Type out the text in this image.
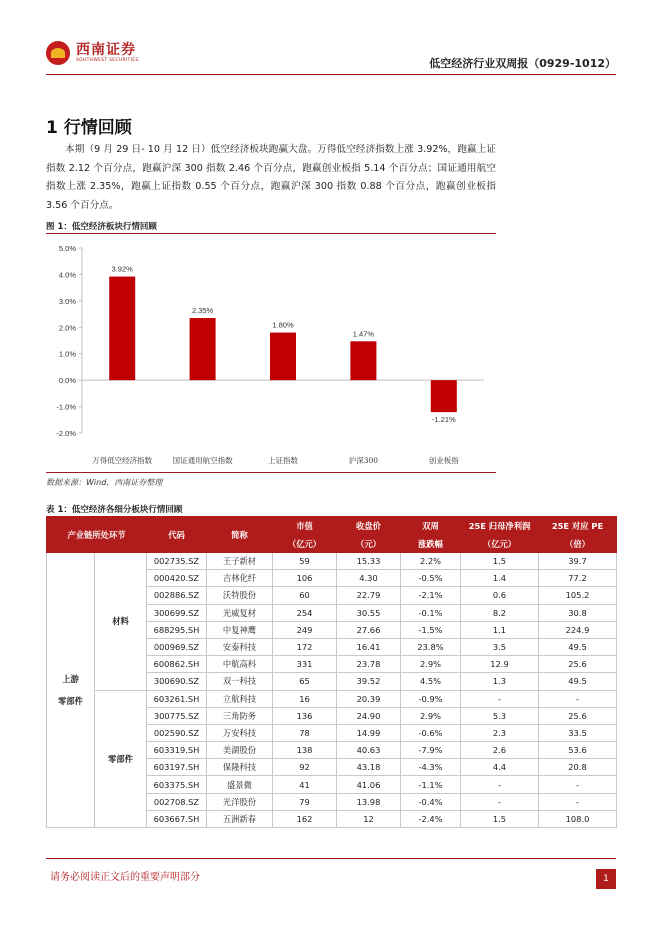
西南证券
SOUTHWEST SECURITIES	低空经济行业双周报（0929-1012）
1 行情回顾
本期（9 月 29 日- 10 月 12 日）低空经济板块跑赢大盘。万得低空经济指数上涨 3.92%，跑赢上证指数 2.12 个百分点，跑赢沪深 300 指数 2.46 个百分点，跑赢创业板指 5.14 个百分点；国证通用航空指数上涨 2.35%，跑赢上证指数 0.55 个百分点，跑赢沪深 300 指数 0.88 个百分点，跑赢创业板指 3.56 个百分点。
图 1：低空经济板块行情回顾
5.0%
4.0%
3.0%
2.0%
1.0%
0.0%
-1.0%
-2.0%
3.92%
万得低空经济指数
2.35%
国证通用航空指数
1.80%
上证指数
1.47%
沪深300
-1.21%
创业板指
数据来源：Wind，西南证券整理
表 1：低空经济各细分板块行情回顾
产业链所处环节		代码	简称	市值	收盘价	双周	25E 归母净利润	25E 对应 PE
				（亿元）	（元）	涨跌幅	（亿元）	（倍）

上游
零部件	材料	002735.SZ	王子新材	59	15.33	2.2%	1.5	39.7
		000420.SZ	吉林化纤	106	4.30	-0.5%	1.4	77.2
		002886.SZ	沃特股份	60	22.79	-2.1%	0.6	105.2
		300699.SZ	光威复材	254	30.55	-0.1%	8.2	30.8
		688295.SH	中复神鹰	249	27.66	-1.5%	1.1	224.9
		000969.SZ	安泰科技	172	16.41	23.8%	3.5	49.5
		600862.SH	中航高科	331	23.78	2.9%	12.9	25.6
		300690.SZ	双一科技	65	39.52	4.5%	1.3	49.5
	零部件	603261.SH	立航科技	16	20.39	-0.9%	-	-
		300775.SZ	三角防务	136	24.90	2.9%	5.3	25.6
		002590.SZ	万安科技	78	14.99	-0.6%	2.3	33.5
		603319.SH	美湖股份	138	40.63	-7.9%	2.6	53.6
		603197.SH	保隆科技	92	43.18	-4.3%	4.4	20.8
		603375.SH	盛景微	41	41.06	-1.1%	-	-
		002708.SZ	光洋股份	79	13.98	-0.4%	-	-
		603667.SH	五洲新春	162	12	-2.4%	1.5	108.0
请务必阅读正文后的重要声明部分	1
